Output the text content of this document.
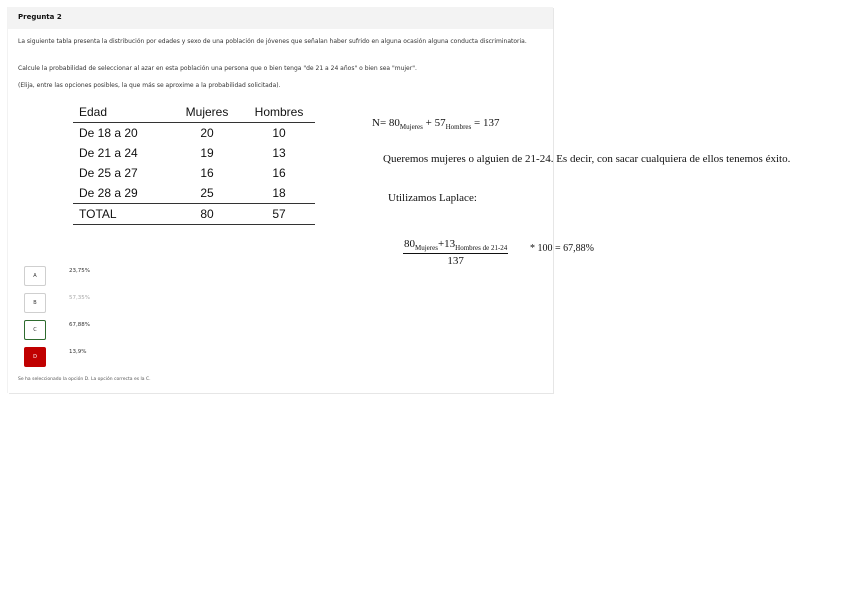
Pregunta 2
La siguiente tabla presenta la distribución por edades y sexo de una población de jóvenes que señalan haber sufrido en alguna ocasión alguna conducta discriminatoria.
Calcule la probabilidad de seleccionar al azar en esta población una persona que o bien tenga "de 21 a 24 años" o bien sea "mujer".
(Elija, entre las opciones posibles, la que más se aproxime a la probabilidad solicitada).
Edad	Mujeres	Hombres
De 18 a 20	20	10
De 21 a 24	19	13
De 25 a 27	16	16
De 28 a 29	25	18
TOTAL	80	57
A
23,75%
B
57,35%
C
67,88%
D
13,9%
Se ha seleccionado la opción D. La opción correcta es la C.
$N= 80_{Mujeres} + 57_{Hombres} = 137$
Queremos mujeres o alguien de 21-24. Es decir, con sacar cualquiera de ellos tenemos éxito.
Utilizamos Laplace:
$80_{Mujeres}+13_{Hombres de 21-24}$
137
* 100 = 67,88%
